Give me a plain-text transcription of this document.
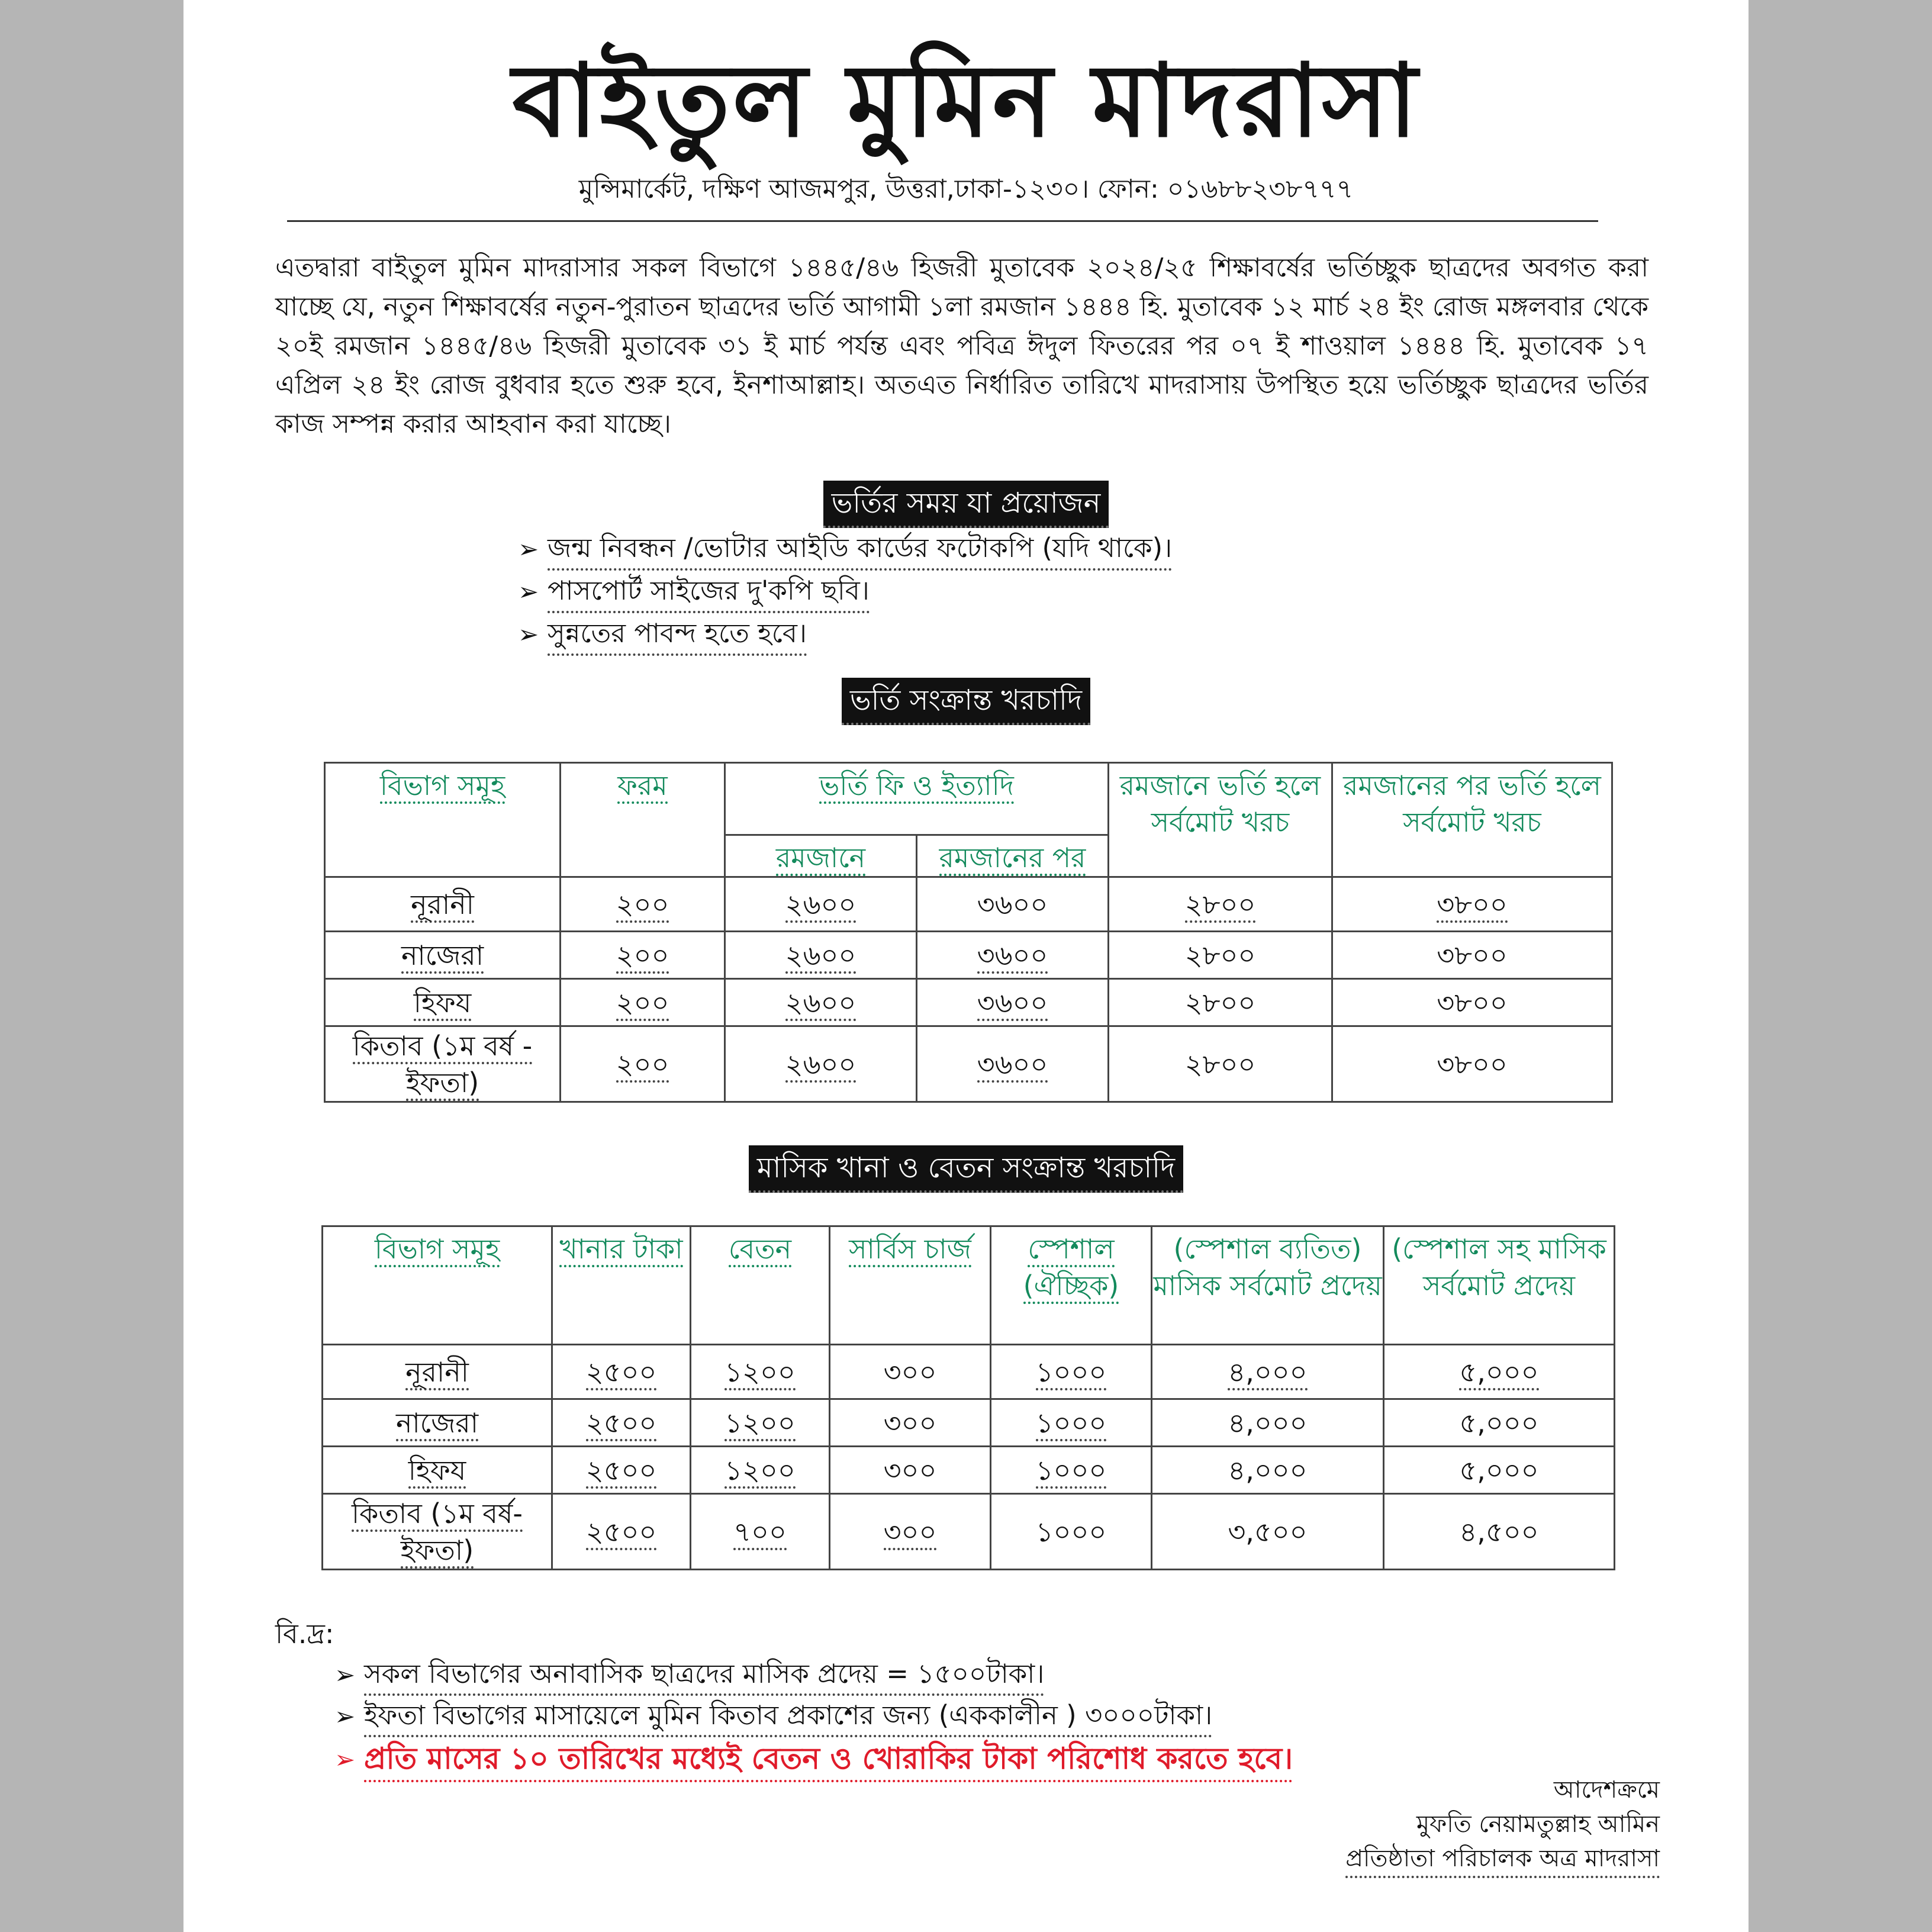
বাইতুল মুমিন মাদরাসা
মুন্সিমার্কেট, দক্ষিণ আজমপুর, উত্তরা,ঢাকা-১২৩০। ফোন: ০১৬৮৮২৩৮৭৭৭
এতদ্বারা বাইতুল মুমিন মাদরাসার সকল বিভাগে ১৪৪৫/৪৬ হিজরী মুতাবেক ২০২৪/২৫ শিক্ষাবর্ষের ভর্তিচ্ছুক ছাত্রদের অবগত করা যাচ্ছে যে, নতুন শিক্ষাবর্ষের নতুন-পুরাতন ছাত্রদের ভর্তি আগামী ১লা রমজান ১৪৪৪ হি. মুতাবেক ১২ মার্চ ২৪ ইং রোজ মঙ্গলবার থেকে ২০ই রমজান ১৪৪৫/৪৬ হিজরী মুতাবেক ৩১ ই মার্চ পর্যন্ত এবং পবিত্র ঈদুল ফিতরের পর ০৭ ই শাওয়াল ১৪৪৪ হি. মুতাবেক ১৭ এপ্রিল ২৪ ইং রোজ বুধবার হতে শুরু হবে, ইনশাআল্লাহ। অতএত নির্ধারিত তারিখে মাদরাসায় উপস্থিত হয়ে ভর্তিচ্ছুক ছাত্রদের ভর্তির কাজ সম্পন্ন করার আহবান করা যাচ্ছে।
ভর্তির সময় যা প্রয়োজন
➢ জন্ম নিবন্ধন /ভোটার আইডি কার্ডের ফটোকপি (যদি থাকে)।
➢ পাসপোর্ট সাইজের দু'কপি ছবি।
➢ সুন্নতের পাবন্দ হতে হবে।
ভর্তি সংক্রান্ত খরচাদি
বিভাগ সমূহ	ফরম	ভর্তি ফি ও ইত্যাদি		রমজানে ভর্তি হলে সর্বমোট খরচ	রমজানের পর ভর্তি হলে সর্বমোট খরচ
		রমজানে	রমজানের পর		
নূরানী	২০০	২৬০০	৩৬০০	২৮০০	৩৮০০
নাজেরা	২০০	২৬০০	৩৬০০	২৮০০	৩৮০০
হিফয	২০০	২৬০০	৩৬০০	২৮০০	৩৮০০
কিতাব (১ম বর্ষ - ইফতা)	২০০	২৬০০	৩৬০০	২৮০০	৩৮০০
মাসিক খানা ও বেতন সংক্রান্ত খরচাদি
বিভাগ সমূহ	খানার টাকা	বেতন	সার্বিস চার্জ	স্পেশাল (ঐচ্ছিক)	(স্পেশাল ব্যতিত) মাসিক সর্বমোট প্রদেয়	(স্পেশাল সহ মাসিক সর্বমোট প্রদেয়
নূরানী	২৫০০	১২০০	৩০০	১০০০	৪,০০০	৫,০০০
নাজেরা	২৫০০	১২০০	৩০০	১০০০	৪,০০০	৫,০০০
হিফয	২৫০০	১২০০	৩০০	১০০০	৪,০০০	৫,০০০
কিতাব (১ম বর্ষ-ইফতা)	২৫০০	৭০০	৩০০	১০০০	৩,৫০০	৪,৫০০
বি.দ্র:
➢ সকল বিভাগের অনাবাসিক ছাত্রদের মাসিক প্রদেয় = ১৫০০টাকা।
➢ ইফতা বিভাগের মাসায়েলে মুমিন কিতাব প্রকাশের জন্য (এককালীন ) ৩০০০টাকা।
➢ প্রতি মাসের ১০ তারিখের মধ্যেই বেতন ও খোরাকির টাকা পরিশোধ করতে হবে।
আদেশক্রমে
মুফতি নেয়ামতুল্লাহ আমিন
প্রতিষ্ঠাতা পরিচালক অত্র মাদরাসা
